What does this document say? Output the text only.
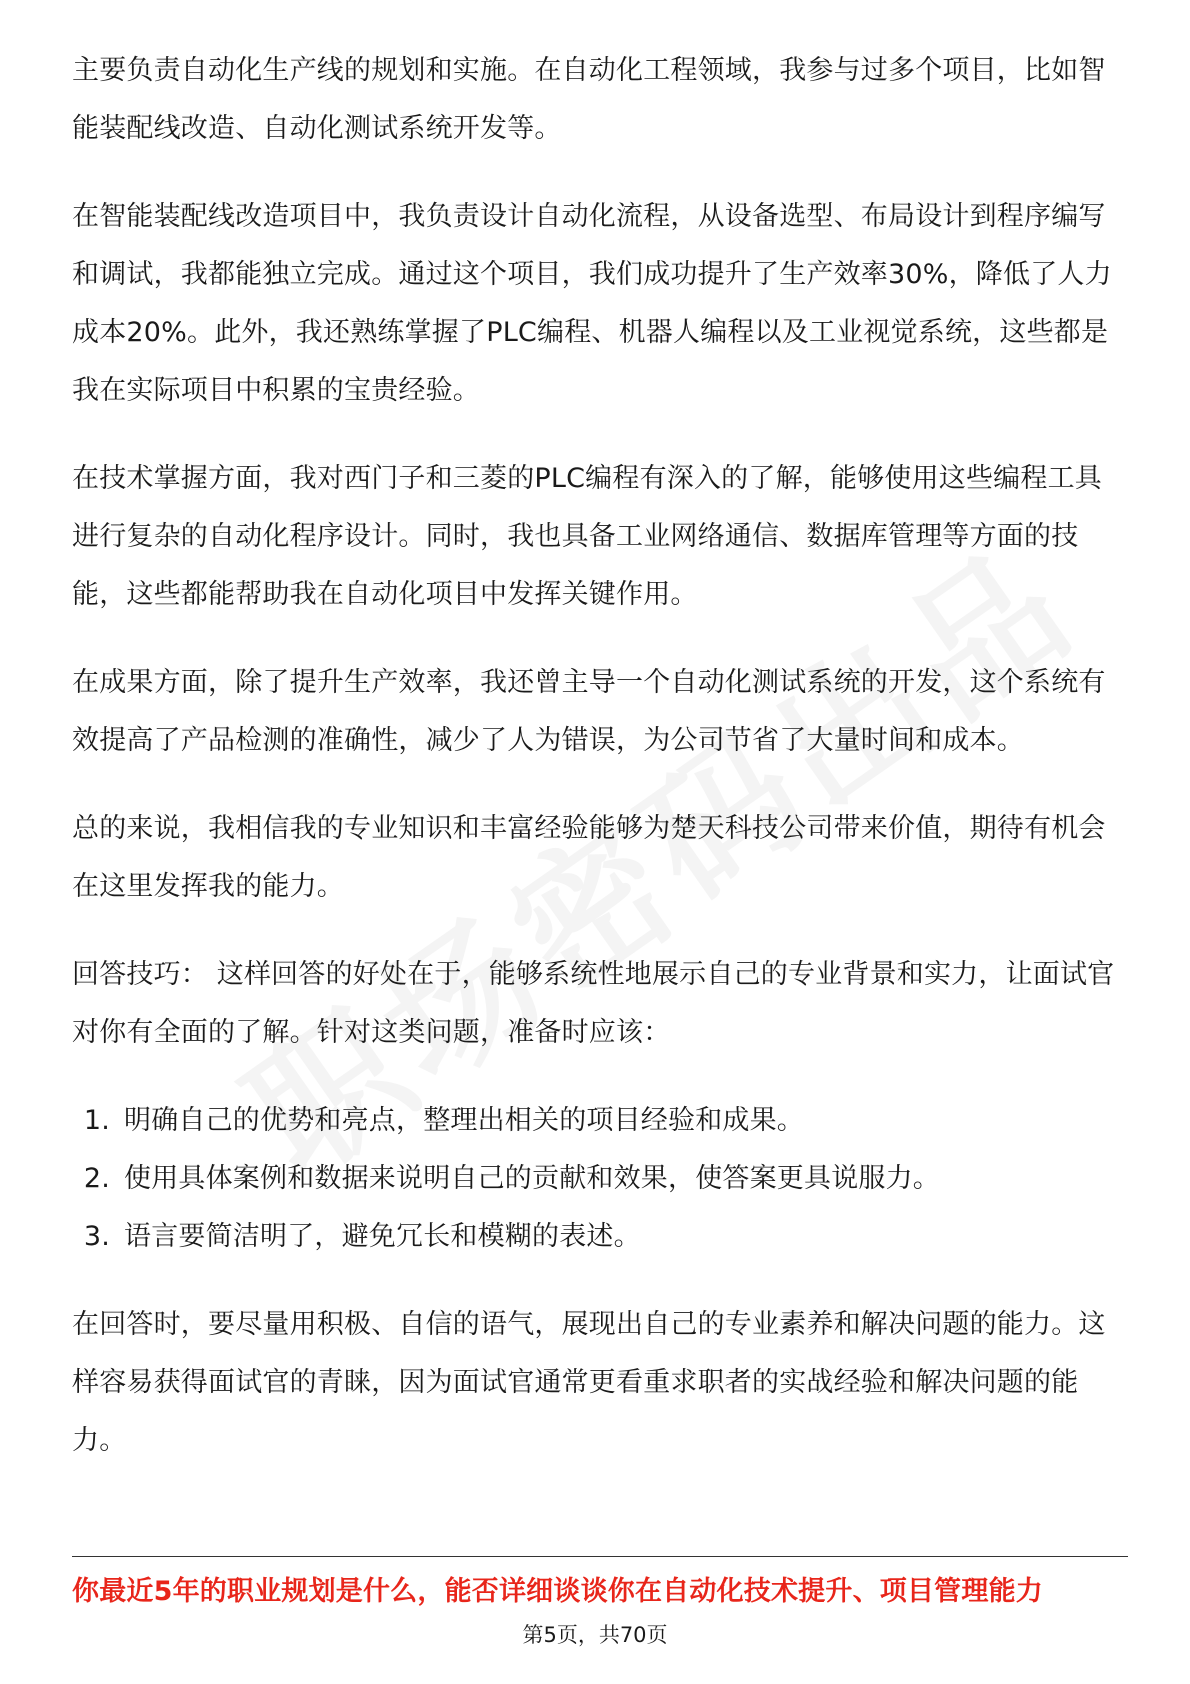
主要负责自动化生产线的规划和实施。在自动化工程领域，我参与过多个项目，比如智能装配线改造、自动化测试系统开发等。

在智能装配线改造项目中，我负责设计自动化流程，从设备选型、布局设计到程序编写和调试，我都能独立完成。通过这个项目，我们成功提升了生产效率30%，降低了人力成本20%。此外，我还熟练掌握了PLC编程、机器人编程以及工业视觉系统，这些都是我在实际项目中积累的宝贵经验。

在技术掌握方面，我对西门子和三菱的PLC编程有深入的了解，能够使用这些编程工具进行复杂的自动化程序设计。同时，我也具备工业网络通信、数据库管理等方面的技能，这些都能帮助我在自动化项目中发挥关键作用。

在成果方面，除了提升生产效率，我还曾主导一个自动化测试系统的开发，这个系统有效提高了产品检测的准确性，减少了人为错误，为公司节省了大量时间和成本。

总的来说，我相信我的专业知识和丰富经验能够为楚天科技公司带来价值，期待有机会在这里发挥我的能力。

回答技巧： 这样回答的好处在于，能够系统性地展示自己的专业背景和实力，让面试官对你有全面的了解。针对这类问题，准备时应该：

1. 明确自己的优势和亮点，整理出相关的项目经验和成果。
2. 使用具体案例和数据来说明自己的贡献和效果，使答案更具说服力。
3. 语言要简洁明了，避免冗长和模糊的表述。

在回答时，要尽量用积极、自信的语气，展现出自己的专业素养和解决问题的能力。这样容易获得面试官的青睐，因为面试官通常更看重求职者的实战经验和解决问题的能力。

你最近5年的职业规划是什么，能否详细谈谈你在自动化技术提升、项目管理能力
第5页，共70页
